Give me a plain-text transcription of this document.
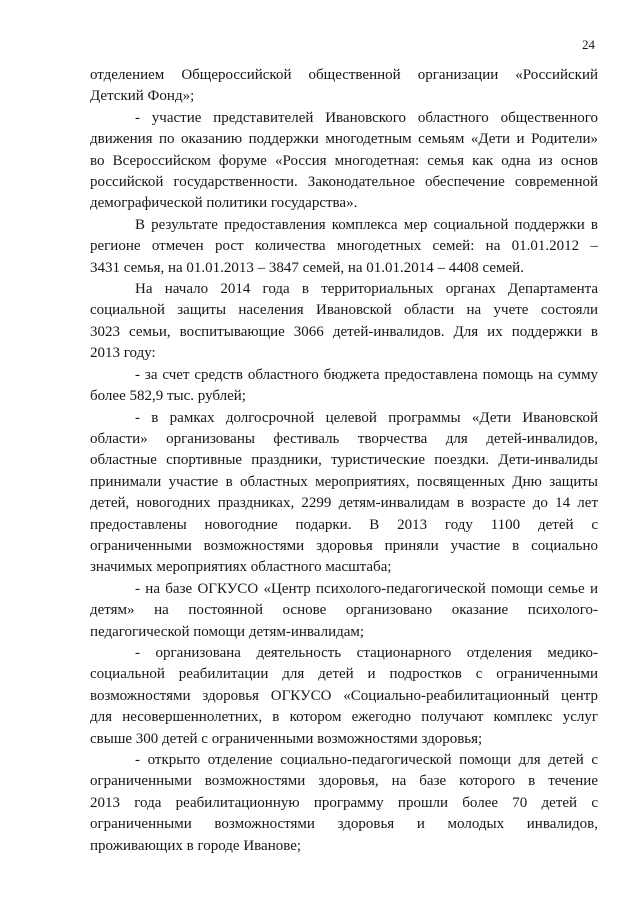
24
отделением Общероссийской общественной организации «Российский
Детский Фонд»;
- участие представителей Ивановского областного общественного
движения по оказанию поддержки многодетным семьям «Дети и Родители»
во Всероссийском форуме «Россия многодетная: семья как одна из основ
российской государственности. Законодательное обеспечение современной
демографической политики государства».
В результате предоставления комплекса мер социальной поддержки в
регионе отмечен рост количества многодетных семей: на 01.01.2012 –
3431 семья, на 01.01.2013 – 3847 семей, на 01.01.2014 – 4408 семей.
На начало 2014 года в территориальных органах Департамента
социальной защиты населения Ивановской области на учете состояли
3023 семьи, воспитывающие 3066 детей-инвалидов. Для их поддержки в
2013 году:
- за счет средств областного бюджета предоставлена помощь на сумму
более 582,9 тыс. рублей;
- в рамках долгосрочной целевой программы «Дети Ивановской
области» организованы фестиваль творчества для детей-инвалидов,
областные спортивные праздники, туристические поездки. Дети-инвалиды
принимали участие в областных мероприятиях, посвященных Дню защиты
детей, новогодних праздниках, 2299 детям-инвалидам в возрасте до 14 лет
предоставлены новогодние подарки. В 2013 году 1100 детей с
ограниченными возможностями здоровья приняли участие в социально
значимых мероприятиях областного масштаба;
- на базе ОГКУСО «Центр психолого-педагогической помощи семье и
детям» на постоянной основе организовано оказание психолого-
педагогической помощи детям-инвалидам;
- организована деятельность стационарного отделения медико-
социальной реабилитации для детей и подростков с ограниченными
возможностями здоровья ОГКУСО «Социально-реабилитационный центр
для несовершеннолетних, в котором ежегодно получают комплекс услуг
свыше 300 детей с ограниченными возможностями здоровья;
- открыто отделение социально-педагогической помощи для детей с
ограниченными возможностями здоровья, на базе которого в течение
2013 года реабилитационную программу прошли более 70 детей с
ограниченными возможностями здоровья и молодых инвалидов,
проживающих в городе Иванове;
